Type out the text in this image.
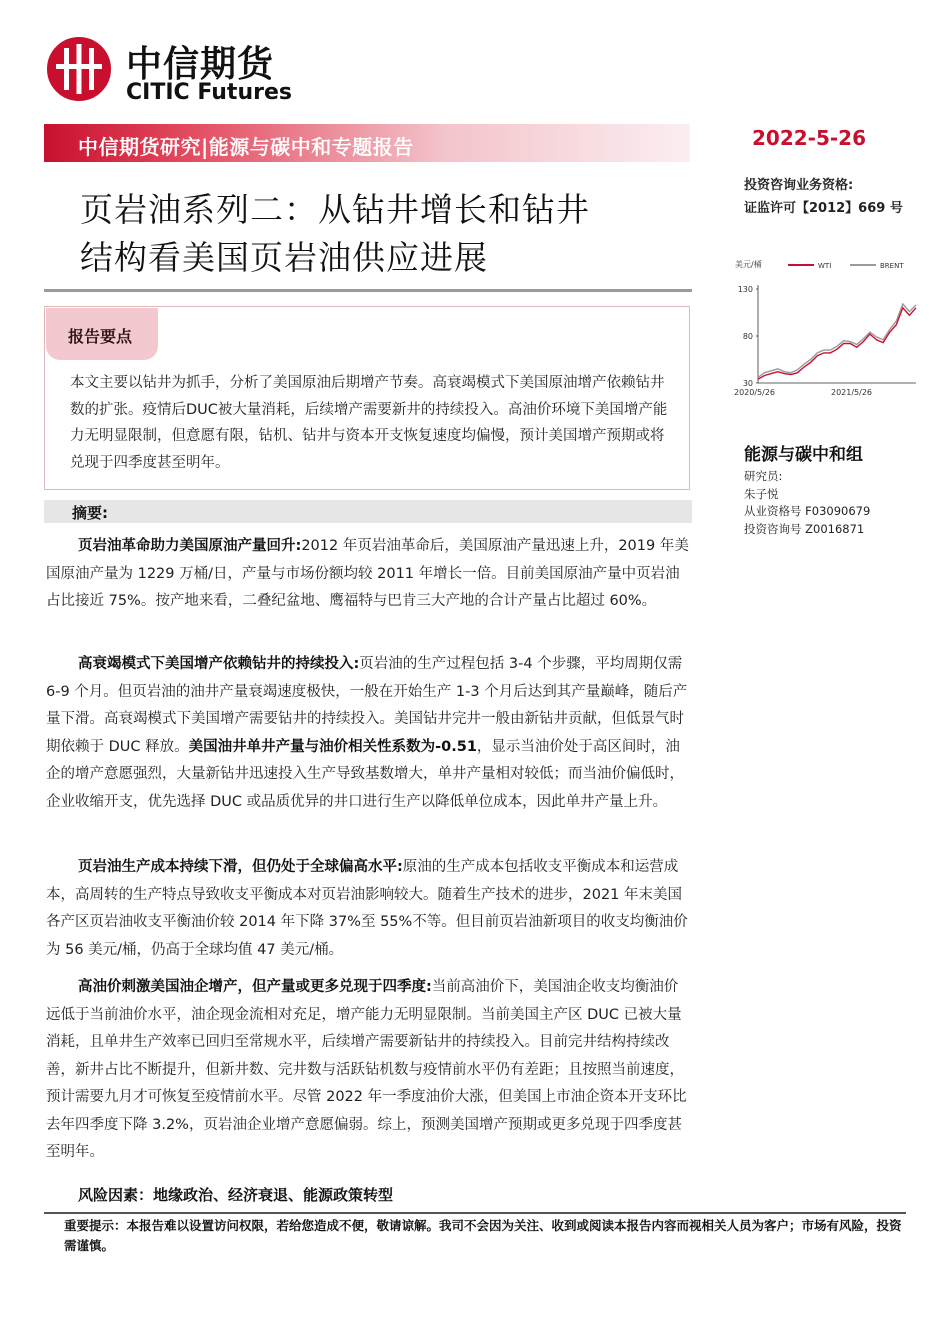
中信期货
CITIC Futures
中信期货研究|能源与碳中和专题报告	2022-5-26
投资咨询业务资格:
证监许可【2012】669 号
页岩油系列二：从钻井增长和钻井
结构看美国页岩油供应进展
报告要点
本文主要以钻井为抓手，分析了美国原油后期增产节奏。高衰竭模式下美国原油增产依赖钻井数的扩张。疫情后DUC被大量消耗，后续增产需要新井的持续投入。高油价环境下美国增产能力无明显限制，但意愿有限，钻机、钻井与资本开支恢复速度均偏慢，预计美国增产预期或将兑现于四季度甚至明年。
摘要:
页岩油革命助力美国原油产量回升:2012 年页岩油革命后，美国原油产量迅速上升，2019 年美国原油产量为 1229 万桶/日，产量与市场份额均较 2011 年增长一倍。目前美国原油产量中页岩油占比接近 75%。按产地来看，二叠纪盆地、鹰福特与巴肯三大产地的合计产量占比超过 60%。
高衰竭模式下美国增产依赖钻井的持续投入:页岩油的生产过程包括 3-4 个步骤，平均周期仅需 6-9 个月。但页岩油的油井产量衰竭速度极快，一般在开始生产 1-3 个月后达到其产量巅峰，随后产量下滑。高衰竭模式下美国增产需要钻井的持续投入。美国钻井完井一般由新钻井贡献，但低景气时期依赖于 DUC 释放。美国油井单井产量与油价相关性系数为-0.51，显示当油价处于高区间时，油企的增产意愿强烈，大量新钻井迅速投入生产导致基数增大，单井产量相对较低；而当油价偏低时，企业收缩开支，优先选择 DUC 或品质优异的井口进行生产以降低单位成本，因此单井产量上升。
页岩油生产成本持续下滑，但仍处于全球偏高水平:原油的生产成本包括收支平衡成本和运营成本，高周转的生产特点导致收支平衡成本对页岩油影响较大。随着生产技术的进步，2021 年末美国各产区页岩油收支平衡油价较 2014 年下降 37%至 55%不等。但目前页岩油新项目的收支均衡油价为 56 美元/桶，仍高于全球均值 47 美元/桶。
高油价刺激美国油企增产，但产量或更多兑现于四季度:当前高油价下，美国油企收支均衡油价远低于当前油价水平，油企现金流相对充足，增产能力无明显限制。当前美国主产区 DUC 已被大量消耗，且单井生产效率已回归至常规水平，后续增产需要新钻井的持续投入。目前完井结构持续改善，新井占比不断提升，但新井数、完井数与活跃钻机数与疫情前水平仍有差距；且按照当前速度，预计需要九月才可恢复至疫情前水平。尽管 2022 年一季度油价大涨，但美国上市油企资本开支环比去年四季度下降 3.2%，页岩油企业增产意愿偏弱。综上，预测美国增产预期或更多兑现于四季度甚至明年。
风险因素：地缘政治、经济衰退、能源政策转型
重要提示：本报告难以设置访问权限，若给您造成不便，敬请谅解。我司不会因为关注、收到或阅读本报告内容而视相关人员为客户；市场有风险，投资需谨慎。
美元/桶	WTI	BRENT
30
80
130
2020/5/26	2021/5/26
能源与碳中和组
研究员:
朱子悦
从业资格号 F03090679
投资咨询号 Z0016871
